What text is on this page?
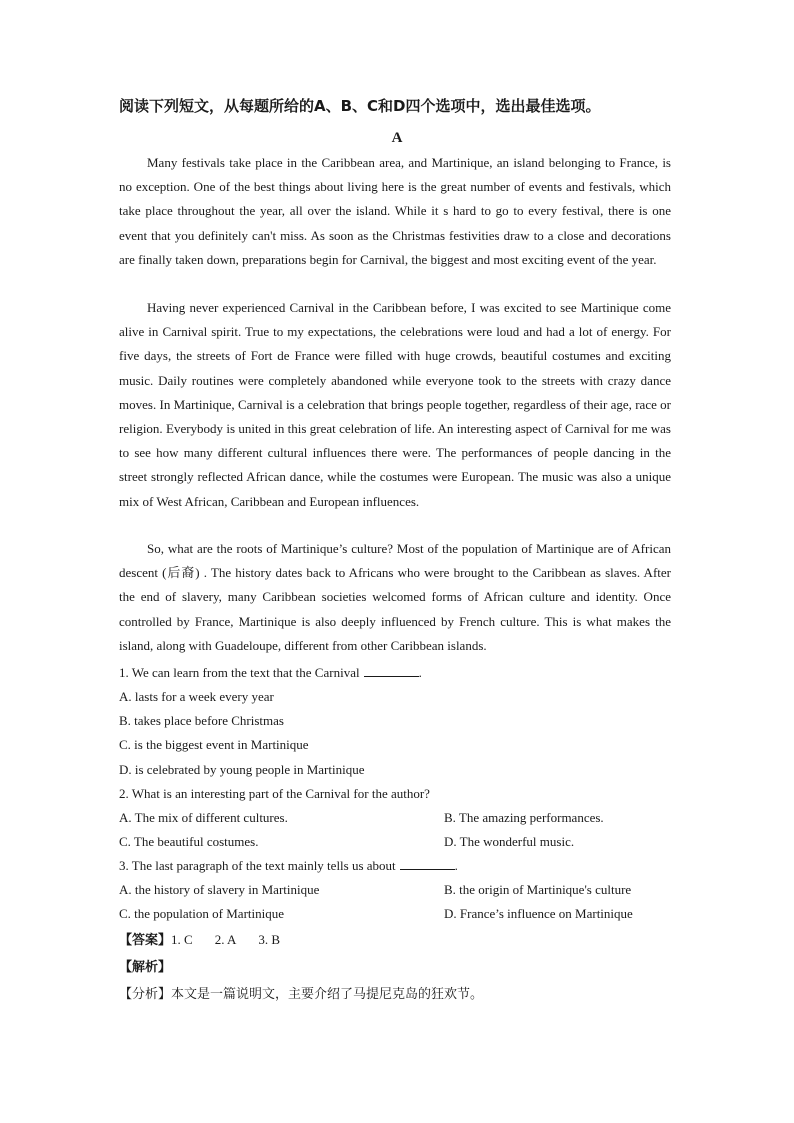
阅读下列短文，从每题所给的A、B、C和D四个选项中，选出最佳选项。
A

Many festivals take place in the Caribbean area, and Martinique, an island belonging to France, is no exception. One of the best things about living here is the great number of events and festivals, which take place throughout the year, all over the island. While it s hard to go to every festival, there is one event that you definitely can't miss. As soon as the Christmas festivities draw to a close and decorations are finally taken down, preparations begin for Carnival, the biggest and most exciting event of the year.

Having never experienced Carnival in the Caribbean before, I was excited to see Martinique come alive in Carnival spirit. True to my expectations, the celebrations were loud and had a lot of energy. For five days, the streets of Fort de France were filled with huge crowds, beautiful costumes and exciting music. Daily routines were completely abandoned while everyone took to the streets with crazy dance moves. In Martinique, Carnival is a celebration that brings people together, regardless of their age, race or religion. Everybody is united in this great celebration of life. An interesting aspect of Carnival for me was to see how many different cultural influences there were. The performances of people dancing in the street strongly reflected African dance, while the costumes were European. The music was also a unique mix of West African, Caribbean and European influences.

So, what are the roots of Martinique’s culture? Most of the population of Martinique are of African descent (后裔) . The history dates back to Africans who were brought to the Caribbean as slaves. After the end of slavery, many Caribbean societies welcomed forms of African culture and identity. Once controlled by France, Martinique is also deeply influenced by French culture. This is what makes the island, along with Guadeloupe, different from other Caribbean islands.

1. We can learn from the text that the Carnival	.
A. lasts for a week every year
B. takes place before Christmas
C. is the biggest event in Martinique
D. is celebrated by young people in Martinique
2. What is an interesting part of the Carnival for the author?
A. The mix of different cultures.	B. The amazing performances.
C. The beautiful costumes.	D. The wonderful music.
3. The last paragraph of the text mainly tells us about	.
A. the history of slavery in Martinique	B. the origin of Martinique's culture
C. the population of Martinique	D. France’s influence on Martinique
【答案】1. C 2. A 3. B
【解析】
【分析】本文是一篇说明文，主要介绍了马提尼克岛的狂欢节。
